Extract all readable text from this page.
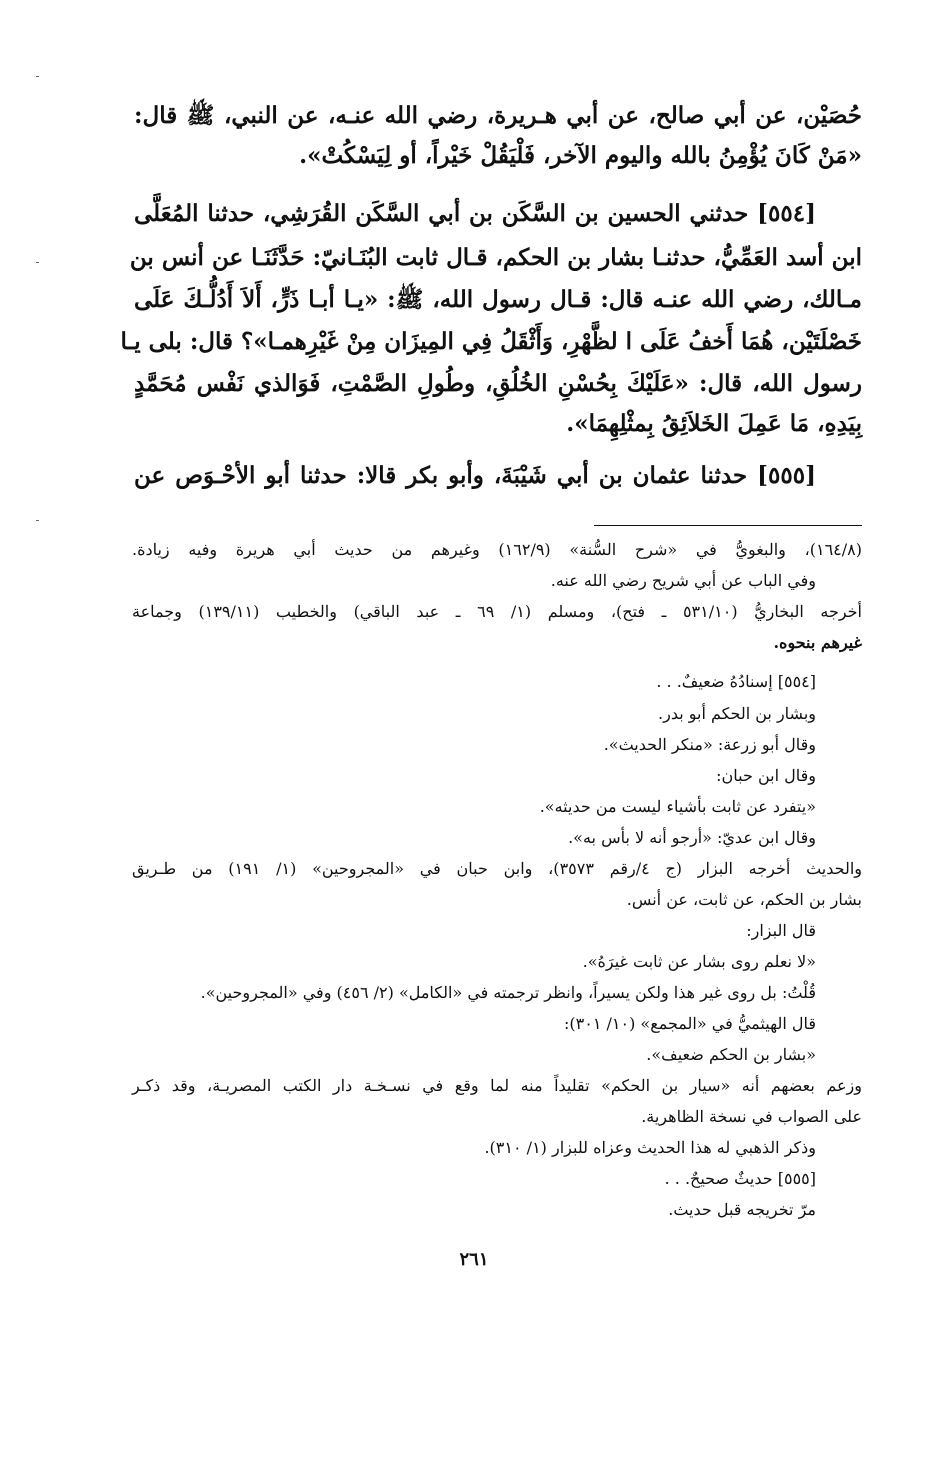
حُصَيْن، عن أبي صالح، عن أبي هـريرة، رضي الله عنـه، عن النبي، ﷺ قال:
«مَنْ كَانَ يُؤْمِنُ بالله واليوم الآخر، فَلْيَقُلْ خَيْراً، أو لِيَسْكُتْ».
[٥٥٤] حدثني الحسين بن السَّكَن بن أبي السَّكَن القُرَشِي، حدثنا المُعَلَّى
ابن أسد العَمِّيُّ، حدثنـا بشار بن الحكم، قـال ثابت البُنَـانيّ: حَدَّثَنَـا عن أنس بن
مـالك، رضي الله عنـه قال: قـال رسول الله، ﷺ: «يـا أبـا ذَرٍّ، أَلاَ أَدُلُّـكَ عَلَى
خَصْلَتَيْن، هُمَا أَخفُ عَلَى ا لظَّهْرِ، وَأَثْقَلُ فِي المِيزَان مِنْ غَيْرِهمـا»؟ قال: بلى يـا
رسول الله، قال: «عَلَيْكَ بِحُسْنِ الخُلُقِ، وطُولِ الصَّمْتِ، فَوَالذي نَفْس مُحَمَّدٍ
بِيَدِهِ، مَا عَمِلَ الخَلاَئِقُ بِمثْلِهِمَا».
[٥٥٥] حدثنا عثمان بن أبي شَيْبَةَ، وأبو بكر قالا: حدثنا أبو الأحْـوَص عن
(١٦٤/٨)، والبغويُّ في «شرح السُّنة» (١٦٢/٩) وغيرهم من حديث أبي هريرة وفيه زيادة.
وفي الباب عن أبي شريح رضي الله عنه.
أخرجه البخاريُّ (٥٣١/١٠ ـ فتح)، ومسلم (١/ ٦٩ ـ عبد الباقي) والخطيب (١٣٩/١١) وجماعة
غيرهم بنحوه.
[٥٥٤] إسنادُهُ ضعيفٌ. . .
وبشار بن الحكم أبو بدر.
وقال أبو زرعة: «منكر الحديث».
وقال ابن حبان:
«يتفرد عن ثابت بأشياء ليست من حديثه».
وقال ابن عديّ: «أرجو أنه لا بأس به».
والحديث أخرجه البزار (ج ٤/رقم ٣٥٧٣)، وابن حبان في «المجروحين» (١/ ١٩١) من طـريق
بشار بن الحكم، عن ثابت، عن أنس.
قال البزار:
«لا نعلم روى بشار عن ثابت غيرَهُ».
قُلْتُ: بل روى غير هذا ولكن يسيراً، وانظر ترجمته في «الكامل» (٢/ ٤٥٦) وفي «المجروحين».
قال الهيثميُّ في «المجمع» (١٠/ ٣٠١):
«بشار بن الحكم ضعيف».
وزعم بعضهم أنه «سيار بن الحكم» تقليداً منه لما وقع في نسـخـة دار الكتب المصريـة، وقد ذكـر
على الصواب في نسخة الظاهرية.
وذكر الذهبي له هذا الحديث وعزاه للبزار (١/ ٣١٠).
[٥٥٥] حديثٌ صحيحٌ. . .
مرّ تخريجه قبل حديث.
٢٦١
